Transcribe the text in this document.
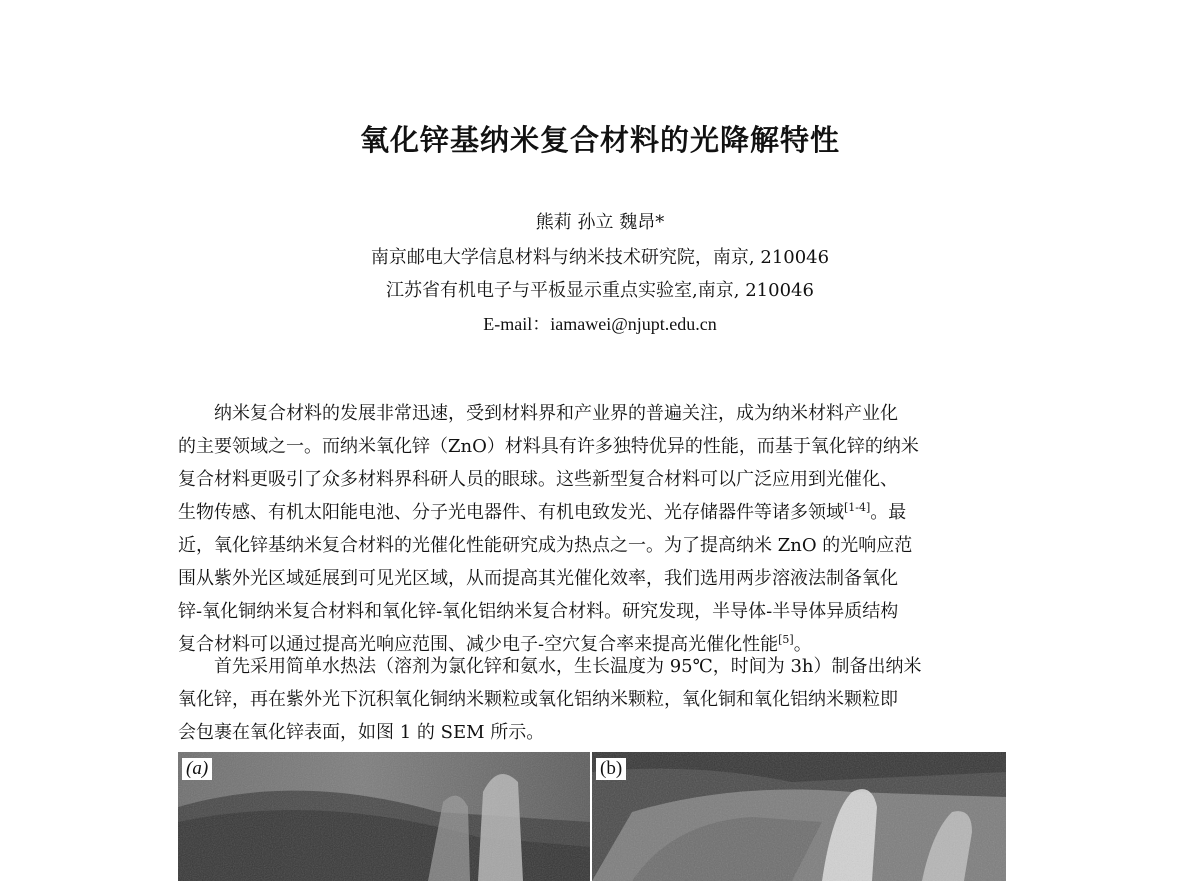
氧化锌基纳米复合材料的光降解特性
熊莉 孙立 魏昂*
南京邮电大学信息材料与纳米技术研究院，南京, 210046
江苏省有机电子与平板显示重点实验室,南京, 210046
E-mail：iamawei@njupt.edu.cn
纳米复合材料的发展非常迅速，受到材料界和产业界的普遍关注，成为纳米材料产业化
的主要领域之一。而纳米氧化锌（ZnO）材料具有许多独特优异的性能，而基于氧化锌的纳米
复合材料更吸引了众多材料界科研人员的眼球。这些新型复合材料可以广泛应用到光催化、
生物传感、有机太阳能电池、分子光电器件、有机电致发光、光存储器件等诸多领域[1-4]。最
近，氧化锌基纳米复合材料的光催化性能研究成为热点之一。为了提高纳米 ZnO 的光响应范
围从紫外光区域延展到可见光区域，从而提高其光催化效率，我们选用两步溶液法制备氧化
锌-氧化铜纳米复合材料和氧化锌-氧化铝纳米复合材料。研究发现，半导体-半导体异质结构
复合材料可以通过提高光响应范围、减少电子-空穴复合率来提高光催化性能[5]。
首先采用简单水热法（溶剂为氯化锌和氨水，生长温度为 95℃，时间为 3h）制备出纳米
氧化锌，再在紫外光下沉积氧化铜纳米颗粒或氧化铝纳米颗粒，氧化铜和氧化铝纳米颗粒即
会包裹在氧化锌表面，如图 1 的 SEM 所示。
(a)	(b)
